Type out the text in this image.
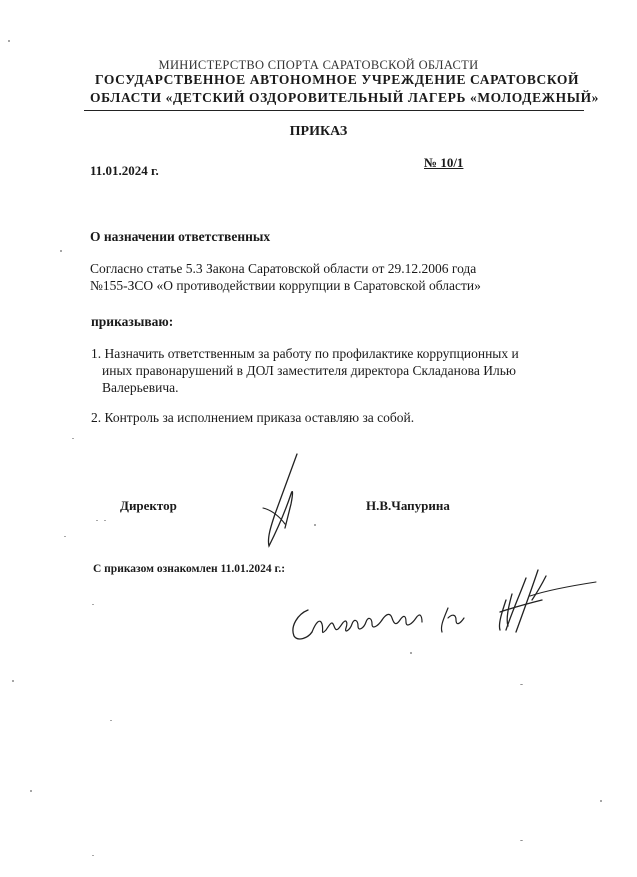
МИНИСТЕРСТВО СПОРТА САРАТОВСКОЙ ОБЛАСТИ
ГОСУДАРСТВЕННОЕ АВТОНОМНОЕ УЧРЕЖДЕНИЕ САРАТОВСКОЙ
ОБЛАСТИ «ДЕТСКИЙ ОЗДОРОВИТЕЛЬНЫЙ ЛАГЕРЬ «МОЛОДЕЖНЫЙ»
ПРИКАЗ
11.01.2024 г.
№ 10/1
О назначении ответственных
Согласно статье 5.3 Закона Саратовской области от 29.12.2006 года
№155-ЗСО «О противодействии коррупции в Саратовской области»
приказываю:
1. Назначить ответственным за работу по профилактике коррупционных и
иных правонарушений в ДОЛ заместителя директора Складанова Илью
Валерьевича.
2. Контроль за исполнением приказа оставляю за собой.
Директор	Н.В.Чапурина
С приказом ознакомлен 11.01.2024 г.:
